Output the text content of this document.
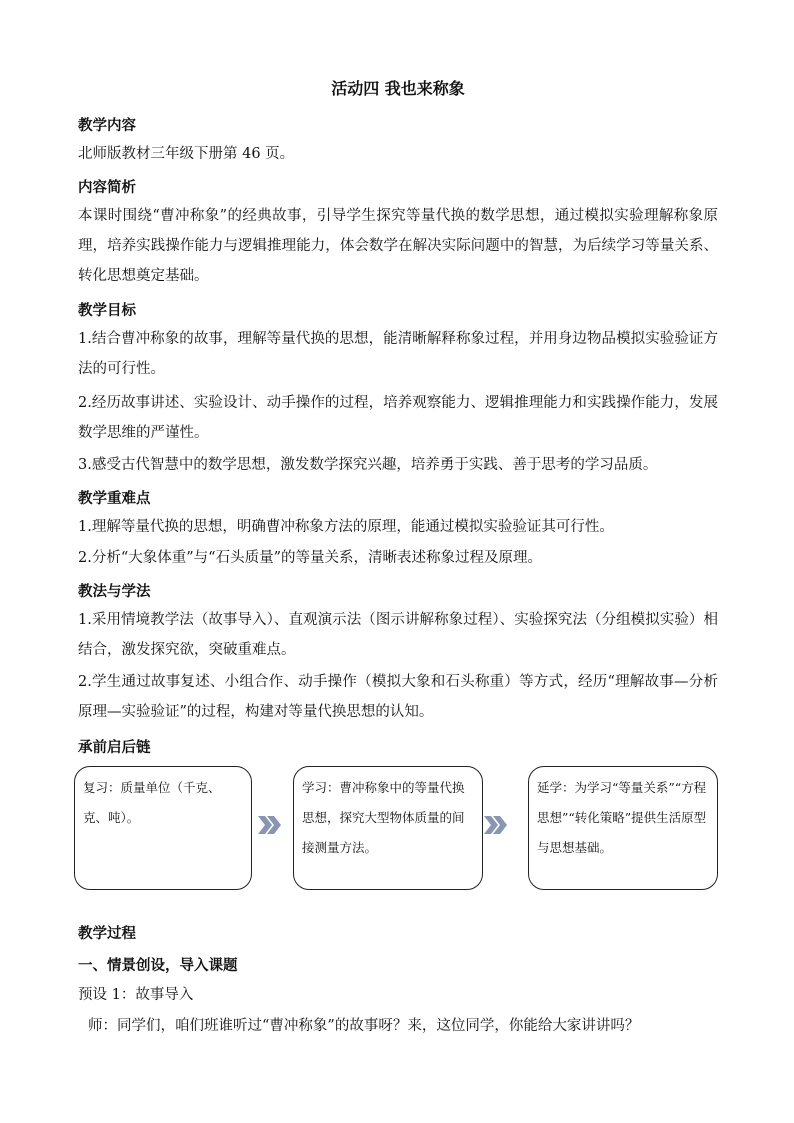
活动四 我也来称象
教学内容
北师版教材三年级下册第 46 页。
内容简析
本课时围绕“曹冲称象”的经典故事，引导学生探究等量代换的数学思想，通过模拟实验理解称象原理，培养实践操作能力与逻辑推理能力，体会数学在解决实际问题中的智慧，为后续学习等量关系、转化思想奠定基础。
教学目标
1.结合曹冲称象的故事，理解等量代换的思想，能清晰解释称象过程，并用身边物品模拟实验验证方法的可行性。
2.经历故事讲述、实验设计、动手操作的过程，培养观察能力、逻辑推理能力和实践操作能力，发展数学思维的严谨性。
3.感受古代智慧中的数学思想，激发数学探究兴趣，培养勇于实践、善于思考的学习品质。
教学重难点
1.理解等量代换的思想，明确曹冲称象方法的原理，能通过模拟实验验证其可行性。
2.分析“大象体重”与“石头质量”的等量关系，清晰表述称象过程及原理。
教法与学法
1.采用情境教学法（故事导入）、直观演示法（图示讲解称象过程）、实验探究法（分组模拟实验）相结合，激发探究欲，突破重难点。
2.学生通过故事复述、小组合作、动手操作（模拟大象和石头称重）等方式，经历“理解故事—分析原理—实验验证”的过程，构建对等量代换思想的认知。
承前启后链
复习：质量单位（千克、克、吨）。
学习：曹冲称象中的等量代换思想，探究大型物体质量的间接测量方法。
延学：为学习“等量关系”“方程思想”“转化策略”提供生活原型与思想基础。
教学过程
一、情景创设，导入课题
预设 1：故事导入
师：同学们，咱们班谁听过“曹冲称象”的故事呀？来，这位同学，你能给大家讲讲吗？
